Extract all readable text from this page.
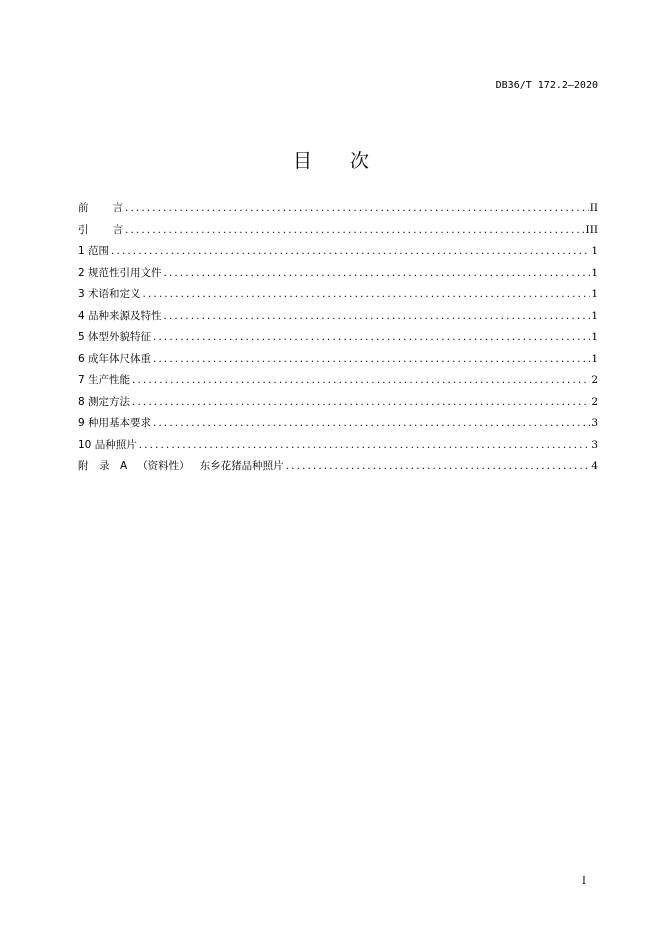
DB36/T 172.2—2020
目 次
前 言 .....	II
引 言 .....	III
1 范围 .....	1
2 规范性引用文件 .....	1
3 术语和定义 .....	1
4 品种来源及特性 .....	1
5 体型外貌特征 .....	1
6 成年体尺体重 .....	1
7 生产性能 .....	2
8 测定方法 .....	2
9 种用基本要求 .....	3
10 品种照片 .....	3
附　录　A （资料性） 东乡花猪品种照片 .....	4
I
